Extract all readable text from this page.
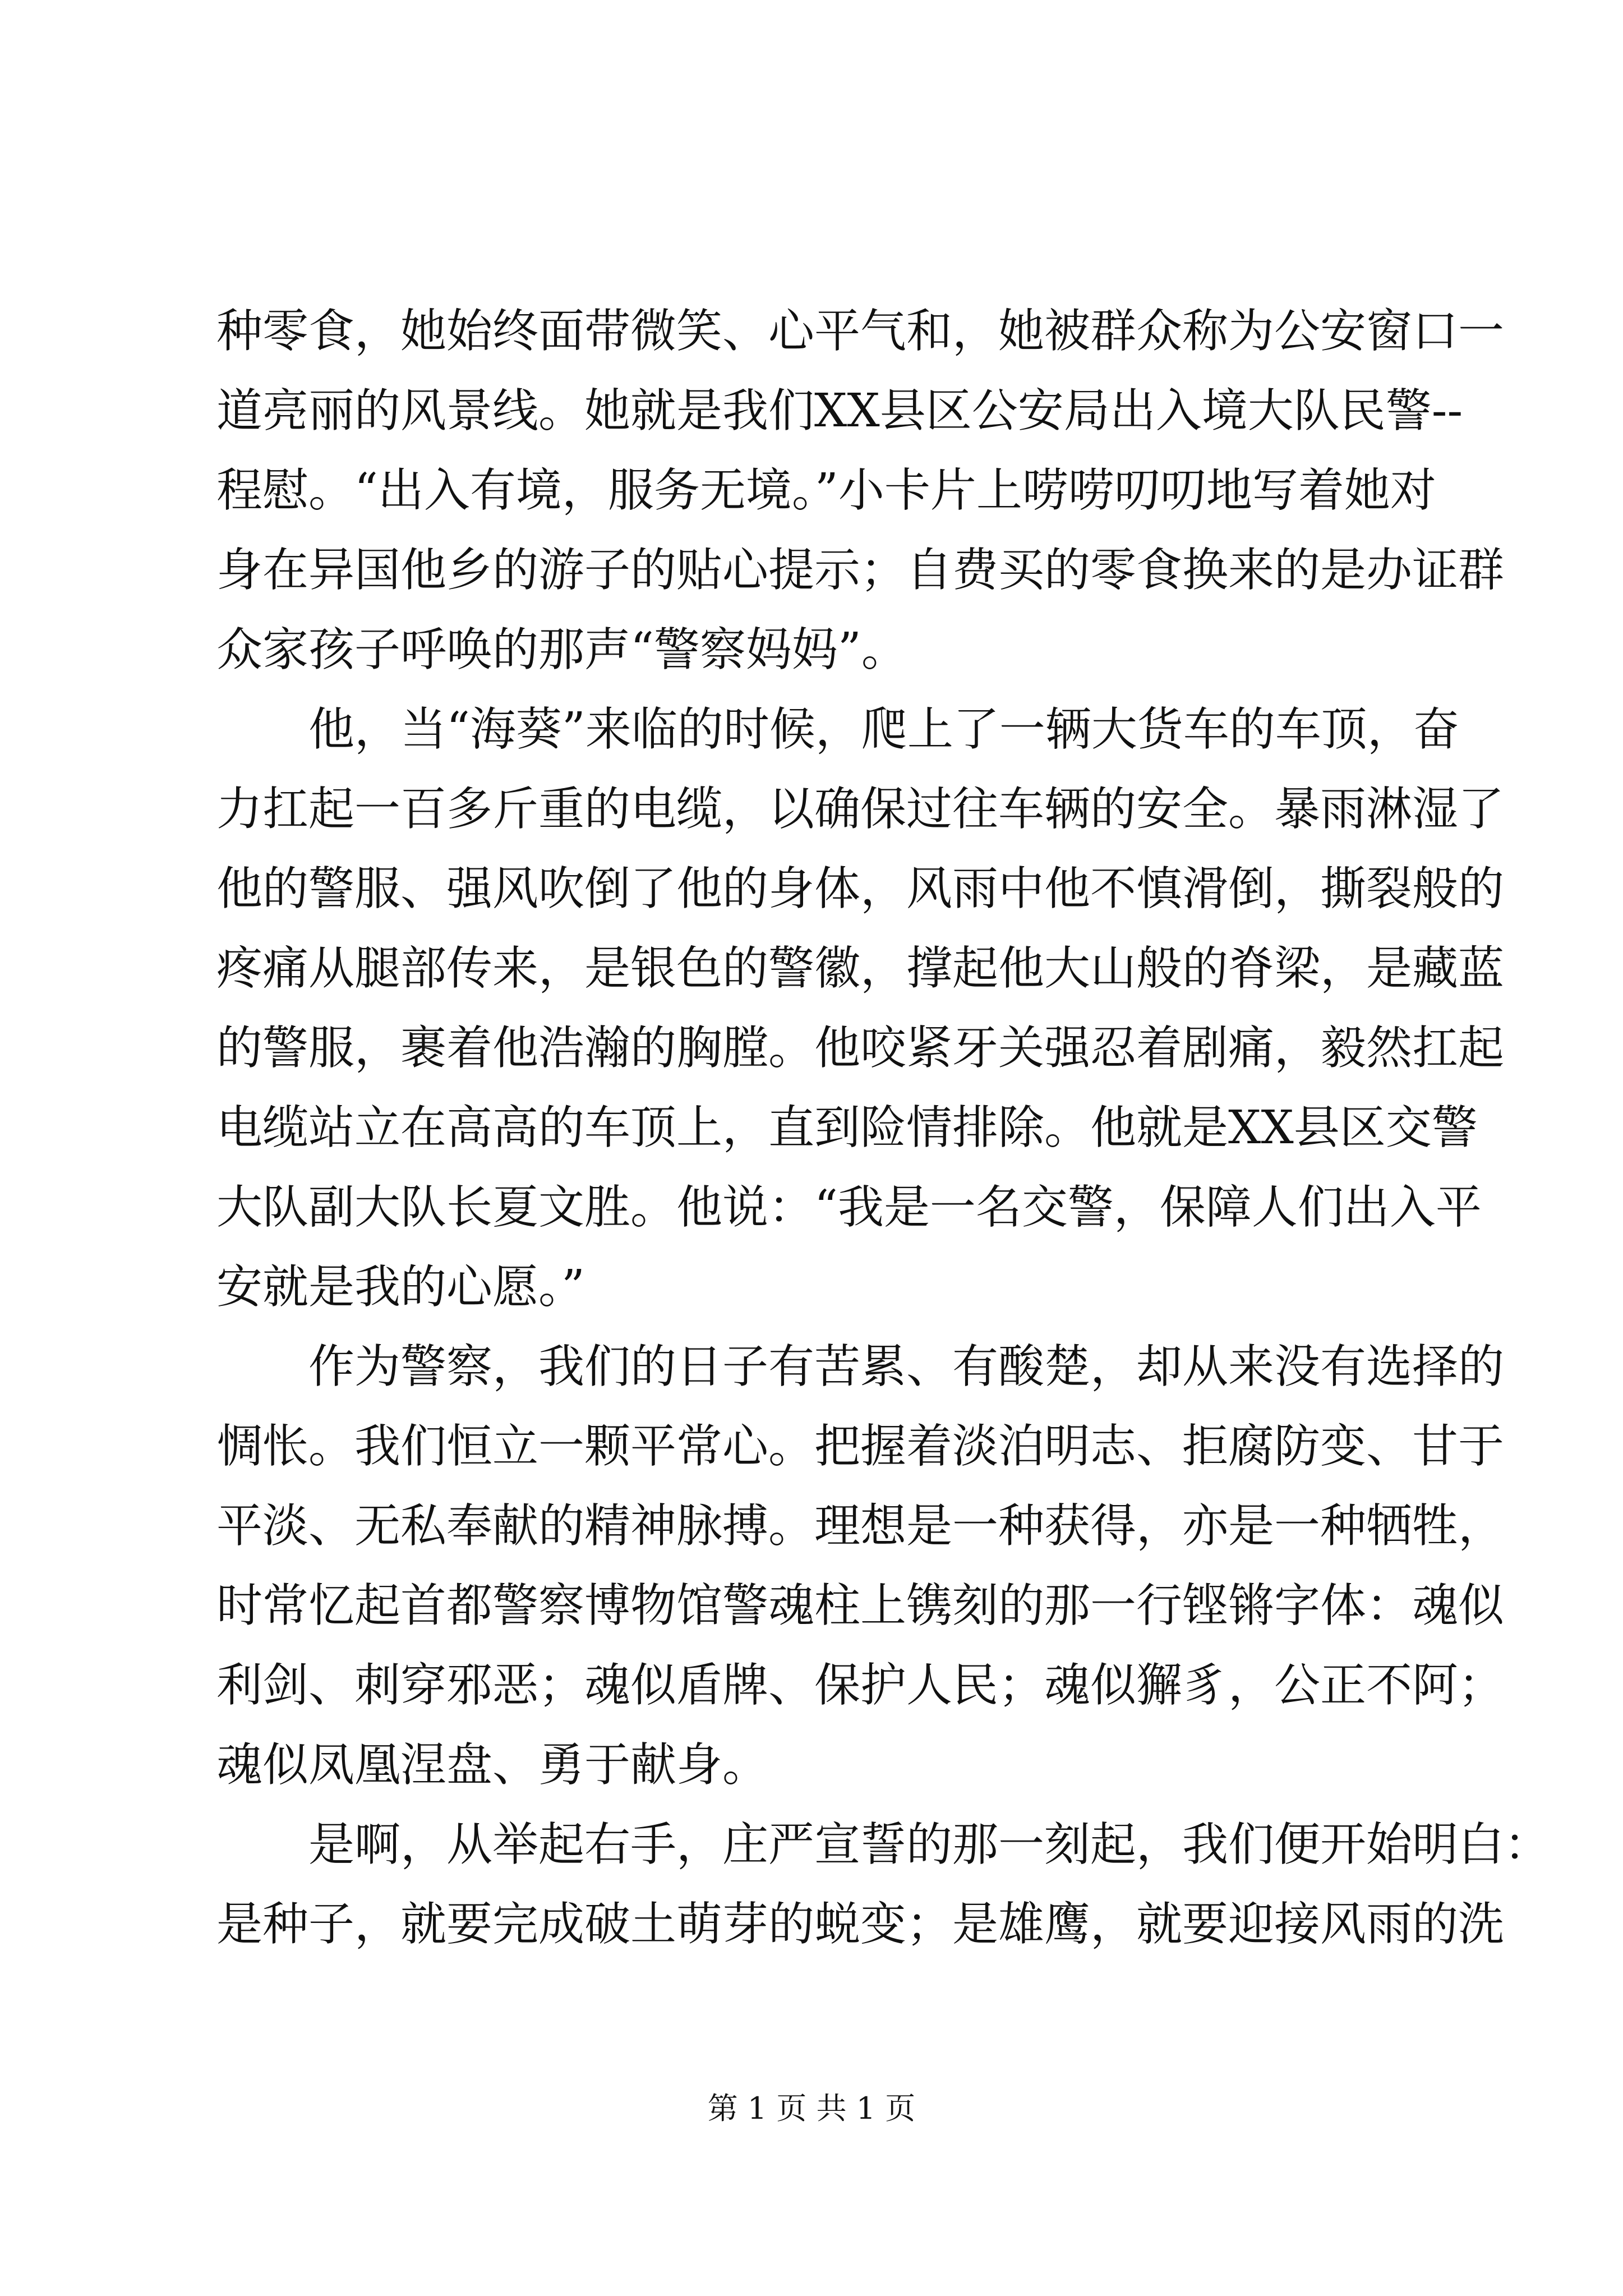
种零食，她始终面带微笑、心平气和，她被群众称为公安窗口一
道亮丽的风景线。她就是我们XX县区公安局出入境大队民警--
程慰。“出入有境，服务无境。”小卡片上唠唠叨叨地写着她对
身在异国他乡的游子的贴心提示；自费买的零食换来的是办证群
众家孩子呼唤的那声“警察妈妈”。
他，当“海葵”来临的时候，爬上了一辆大货车的车顶，奋
力扛起一百多斤重的电缆，以确保过往车辆的安全。暴雨淋湿了
他的警服、强风吹倒了他的身体，风雨中他不慎滑倒，撕裂般的
疼痛从腿部传来，是银色的警徽，撑起他大山般的脊梁，是藏蓝
的警服，裹着他浩瀚的胸膛。他咬紧牙关强忍着剧痛，毅然扛起
电缆站立在高高的车顶上，直到险情排除。他就是XX县区交警
大队副大队长夏文胜。他说：“我是一名交警，保障人们出入平
安就是我的心愿。”
作为警察，我们的日子有苦累、有酸楚，却从来没有选择的
惆怅。我们恒立一颗平常心。把握着淡泊明志、拒腐防变、甘于
平淡、无私奉献的精神脉搏。理想是一种获得，亦是一种牺牲，
时常忆起首都警察博物馆警魂柱上镌刻的那一行铿锵字体：魂似
利剑、刺穿邪恶；魂似盾牌、保护人民；魂似獬豸，公正不阿；
魂似凤凰涅盘、勇于献身。
是啊，从举起右手，庄严宣誓的那一刻起，我们便开始明白：
是种子，就要完成破土萌芽的蜕变；是雄鹰，就要迎接风雨的洗
第 1 页 共 1 页
